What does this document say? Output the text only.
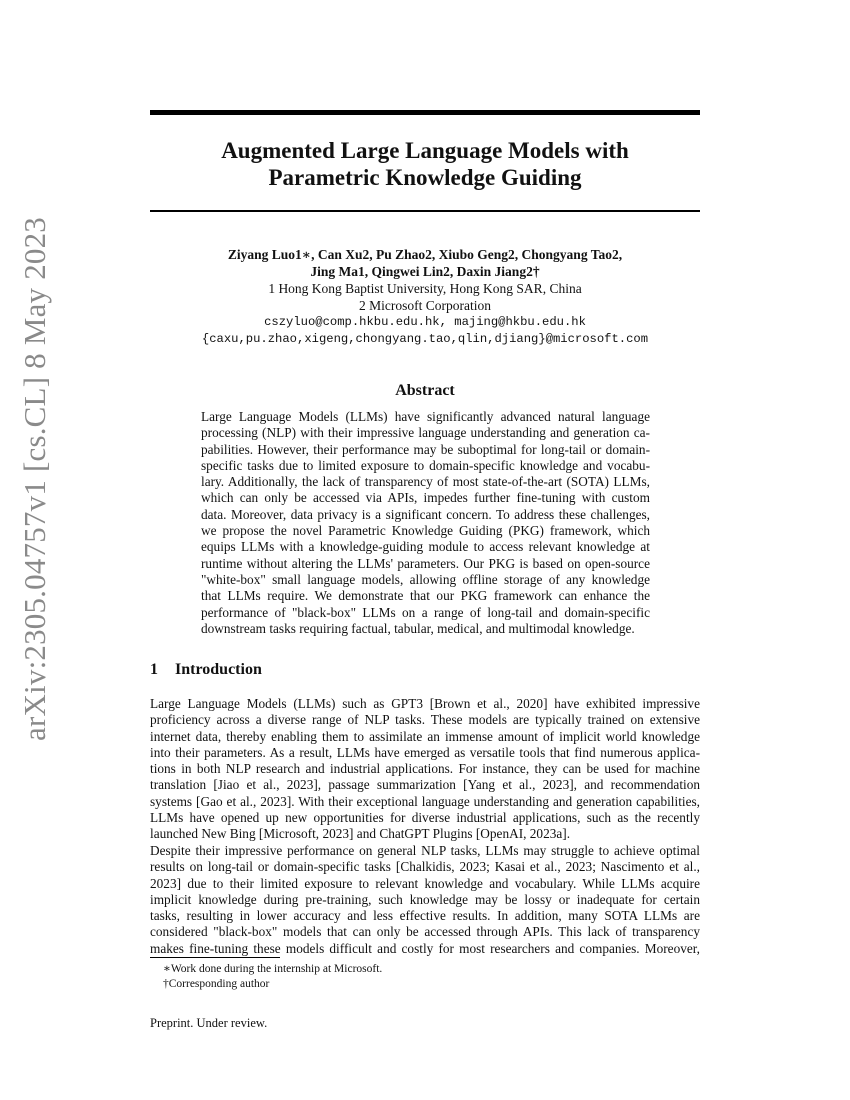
arXiv:2305.04757v1 [cs.CL] 8 May 2023
Augmented Large Language Models with
Parametric Knowledge Guiding
Ziyang Luo1∗, Can Xu2, Pu Zhao2, Xiubo Geng2, Chongyang Tao2,
Jing Ma1, Qingwei Lin2, Daxin Jiang2†
1 Hong Kong Baptist University, Hong Kong SAR, China
2 Microsoft Corporation
cszyluo@comp.hkbu.edu.hk, majing@hkbu.edu.hk
{caxu,pu.zhao,xigeng,chongyang.tao,qlin,djiang}@microsoft.com
Abstract
Large Language Models (LLMs) have significantly advanced natural language
processing (NLP) with their impressive language understanding and generation ca-
pabilities. However, their performance may be suboptimal for long-tail or domain-
specific tasks due to limited exposure to domain-specific knowledge and vocabu-
lary. Additionally, the lack of transparency of most state-of-the-art (SOTA) LLMs,
which can only be accessed via APIs, impedes further fine-tuning with custom
data. Moreover, data privacy is a significant concern. To address these challenges,
we propose the novel Parametric Knowledge Guiding (PKG) framework, which
equips LLMs with a knowledge-guiding module to access relevant knowledge at
runtime without altering the LLMs' parameters. Our PKG is based on open-source
"white-box" small language models, allowing offline storage of any knowledge
that LLMs require. We demonstrate that our PKG framework can enhance the
performance of "black-box" LLMs on a range of long-tail and domain-specific
downstream tasks requiring factual, tabular, medical, and multimodal knowledge.
1 Introduction
Large Language Models (LLMs) such as GPT3 [Brown et al., 2020] have exhibited impressive
proficiency across a diverse range of NLP tasks. These models are typically trained on extensive
internet data, thereby enabling them to assimilate an immense amount of implicit world knowledge
into their parameters. As a result, LLMs have emerged as versatile tools that find numerous applica-
tions in both NLP research and industrial applications. For instance, they can be used for machine
translation [Jiao et al., 2023], passage summarization [Yang et al., 2023], and recommendation
systems [Gao et al., 2023]. With their exceptional language understanding and generation capabilities,
LLMs have opened up new opportunities for diverse industrial applications, such as the recently
launched New Bing [Microsoft, 2023] and ChatGPT Plugins [OpenAI, 2023a].
Despite their impressive performance on general NLP tasks, LLMs may struggle to achieve optimal
results on long-tail or domain-specific tasks [Chalkidis, 2023; Kasai et al., 2023; Nascimento et al.,
2023] due to their limited exposure to relevant knowledge and vocabulary. While LLMs acquire
implicit knowledge during pre-training, such knowledge may be lossy or inadequate for certain
tasks, resulting in lower accuracy and less effective results. In addition, many SOTA LLMs are
considered "black-box" models that can only be accessed through APIs. This lack of transparency
makes fine-tuning these models difficult and costly for most researchers and companies. Moreover,
∗Work done during the internship at Microsoft.
†Corresponding author
Preprint. Under review.
